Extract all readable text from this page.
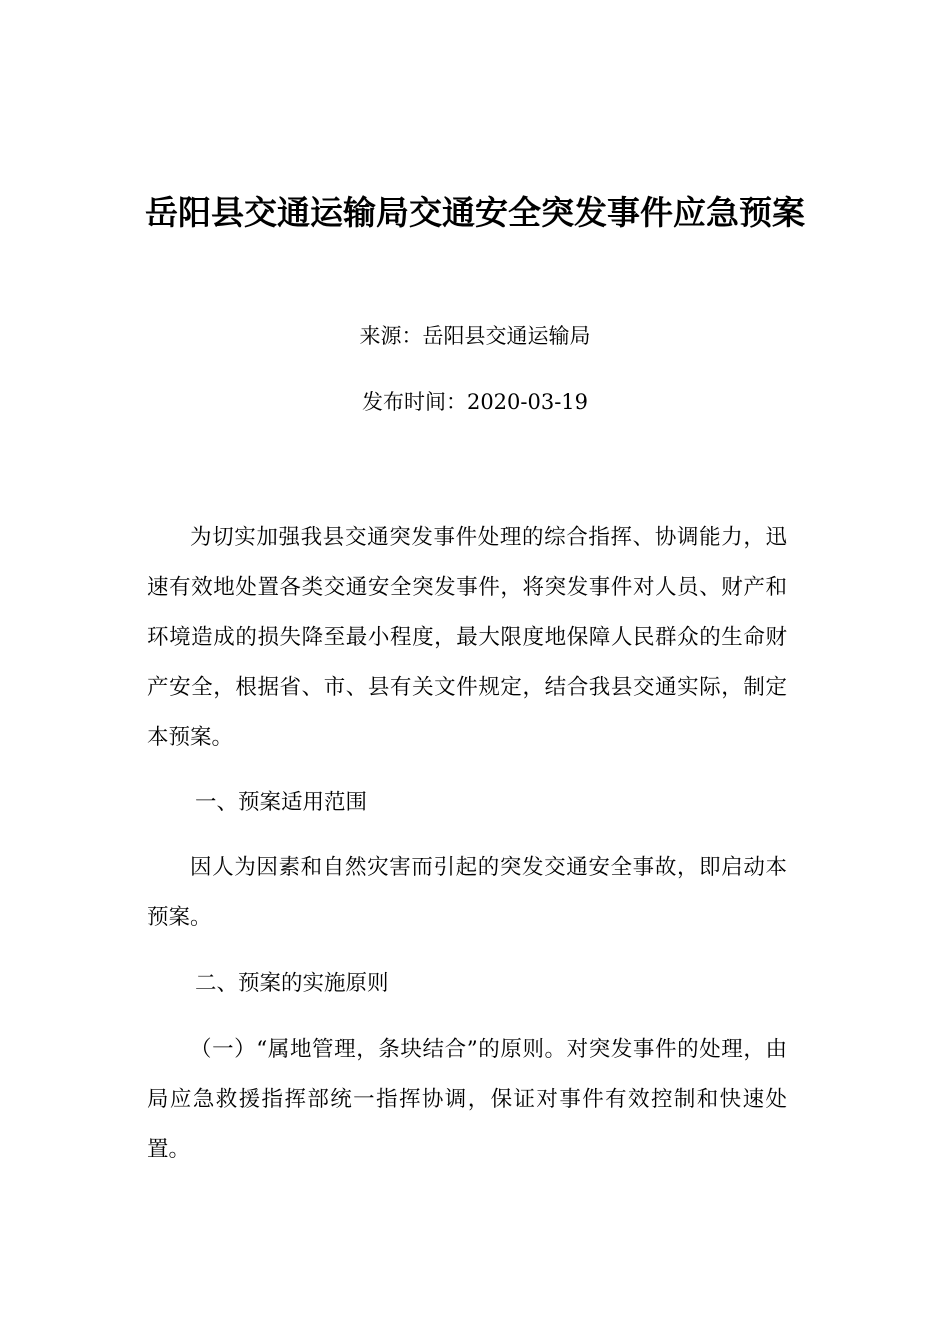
岳阳县交通运输局交通安全突发事件应急预案
来源：岳阳县交通运输局
发布时间：2020-03-19

为切实加强我县交通突发事件处理的综合指挥、协调能力，迅速有效地处置各类交通安全突发事件，将突发事件对人员、财产和环境造成的损失降至最小程度，最大限度地保障人民群众的生命财产安全，根据省、市、县有关文件规定，结合我县交通实际，制定本预案。

一、预案适用范围

因人为因素和自然灾害而引起的突发交通安全事故，即启动本预案。

二、预案的实施原则

（一）“属地管理，条块结合”的原则。对突发事件的处理，由局应急救援指挥部统一指挥协调，保证对事件有效控制和快速处置。
